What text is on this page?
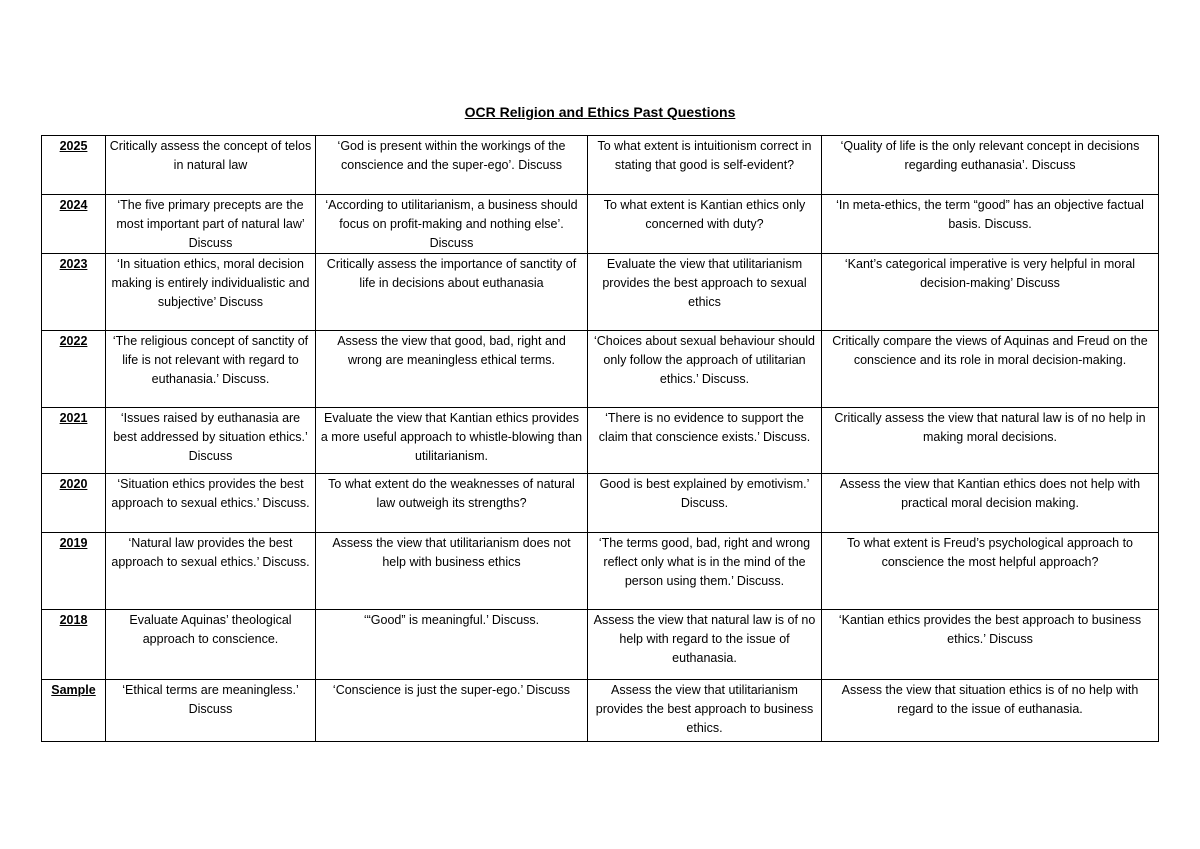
OCR Religion and Ethics Past Questions
2025	Critically assess the concept of telos in natural law	‘God is present within the workings of the conscience and the super-ego’. Discuss	To what extent is intuitionism correct in stating that good is self-evident?	‘Quality of life is the only relevant concept in decisions regarding euthanasia’. Discuss
2024	‘The five primary precepts are the most important part of natural law’ Discuss	‘According to utilitarianism, a business should focus on profit-making and nothing else’. Discuss	To what extent is Kantian ethics only concerned with duty?	‘In meta-ethics, the term “good” has an objective factual basis. Discuss.
2023	‘In situation ethics, moral decision making is entirely individualistic and subjective’ Discuss	Critically assess the importance of sanctity of life in decisions about euthanasia	Evaluate the view that utilitarianism provides the best approach to sexual ethics	‘Kant’s categorical imperative is very helpful in moral decision-making’ Discuss
2022	‘The religious concept of sanctity of life is not relevant with regard to euthanasia.’ Discuss.	Assess the view that good, bad, right and wrong are meaningless ethical terms.	‘Choices about sexual behaviour should only follow the approach of utilitarian ethics.’ Discuss.	Critically compare the views of Aquinas and Freud on the conscience and its role in moral decision-making.
2021	‘Issues raised by euthanasia are best addressed by situation ethics.’ Discuss	Evaluate the view that Kantian ethics provides a more useful approach to whistle-blowing than utilitarianism.	‘There is no evidence to support the claim that conscience exists.’ Discuss.	Critically assess the view that natural law is of no help in making moral decisions.
2020	‘Situation ethics provides the best approach to sexual ethics.’ Discuss.	To what extent do the weaknesses of natural law outweigh its strengths?	Good is best explained by emotivism.’ Discuss.	Assess the view that Kantian ethics does not help with practical moral decision making.
2019	‘Natural law provides the best approach to sexual ethics.’ Discuss.	Assess the view that utilitarianism does not help with business ethics	‘The terms good, bad, right and wrong reflect only what is in the mind of the person using them.’ Discuss.	To what extent is Freud’s psychological approach to conscience the most helpful approach?
2018	Evaluate Aquinas’ theological approach to conscience.	‘“Good” is meaningful.’ Discuss.	Assess the view that natural law is of no help with regard to the issue of euthanasia.	‘Kantian ethics provides the best approach to business ethics.’ Discuss
Sample	‘Ethical terms are meaningless.’ Discuss	‘Conscience is just the super-ego.’ Discuss	Assess the view that utilitarianism provides the best approach to business ethics.	Assess the view that situation ethics is of no help with regard to the issue of euthanasia.
